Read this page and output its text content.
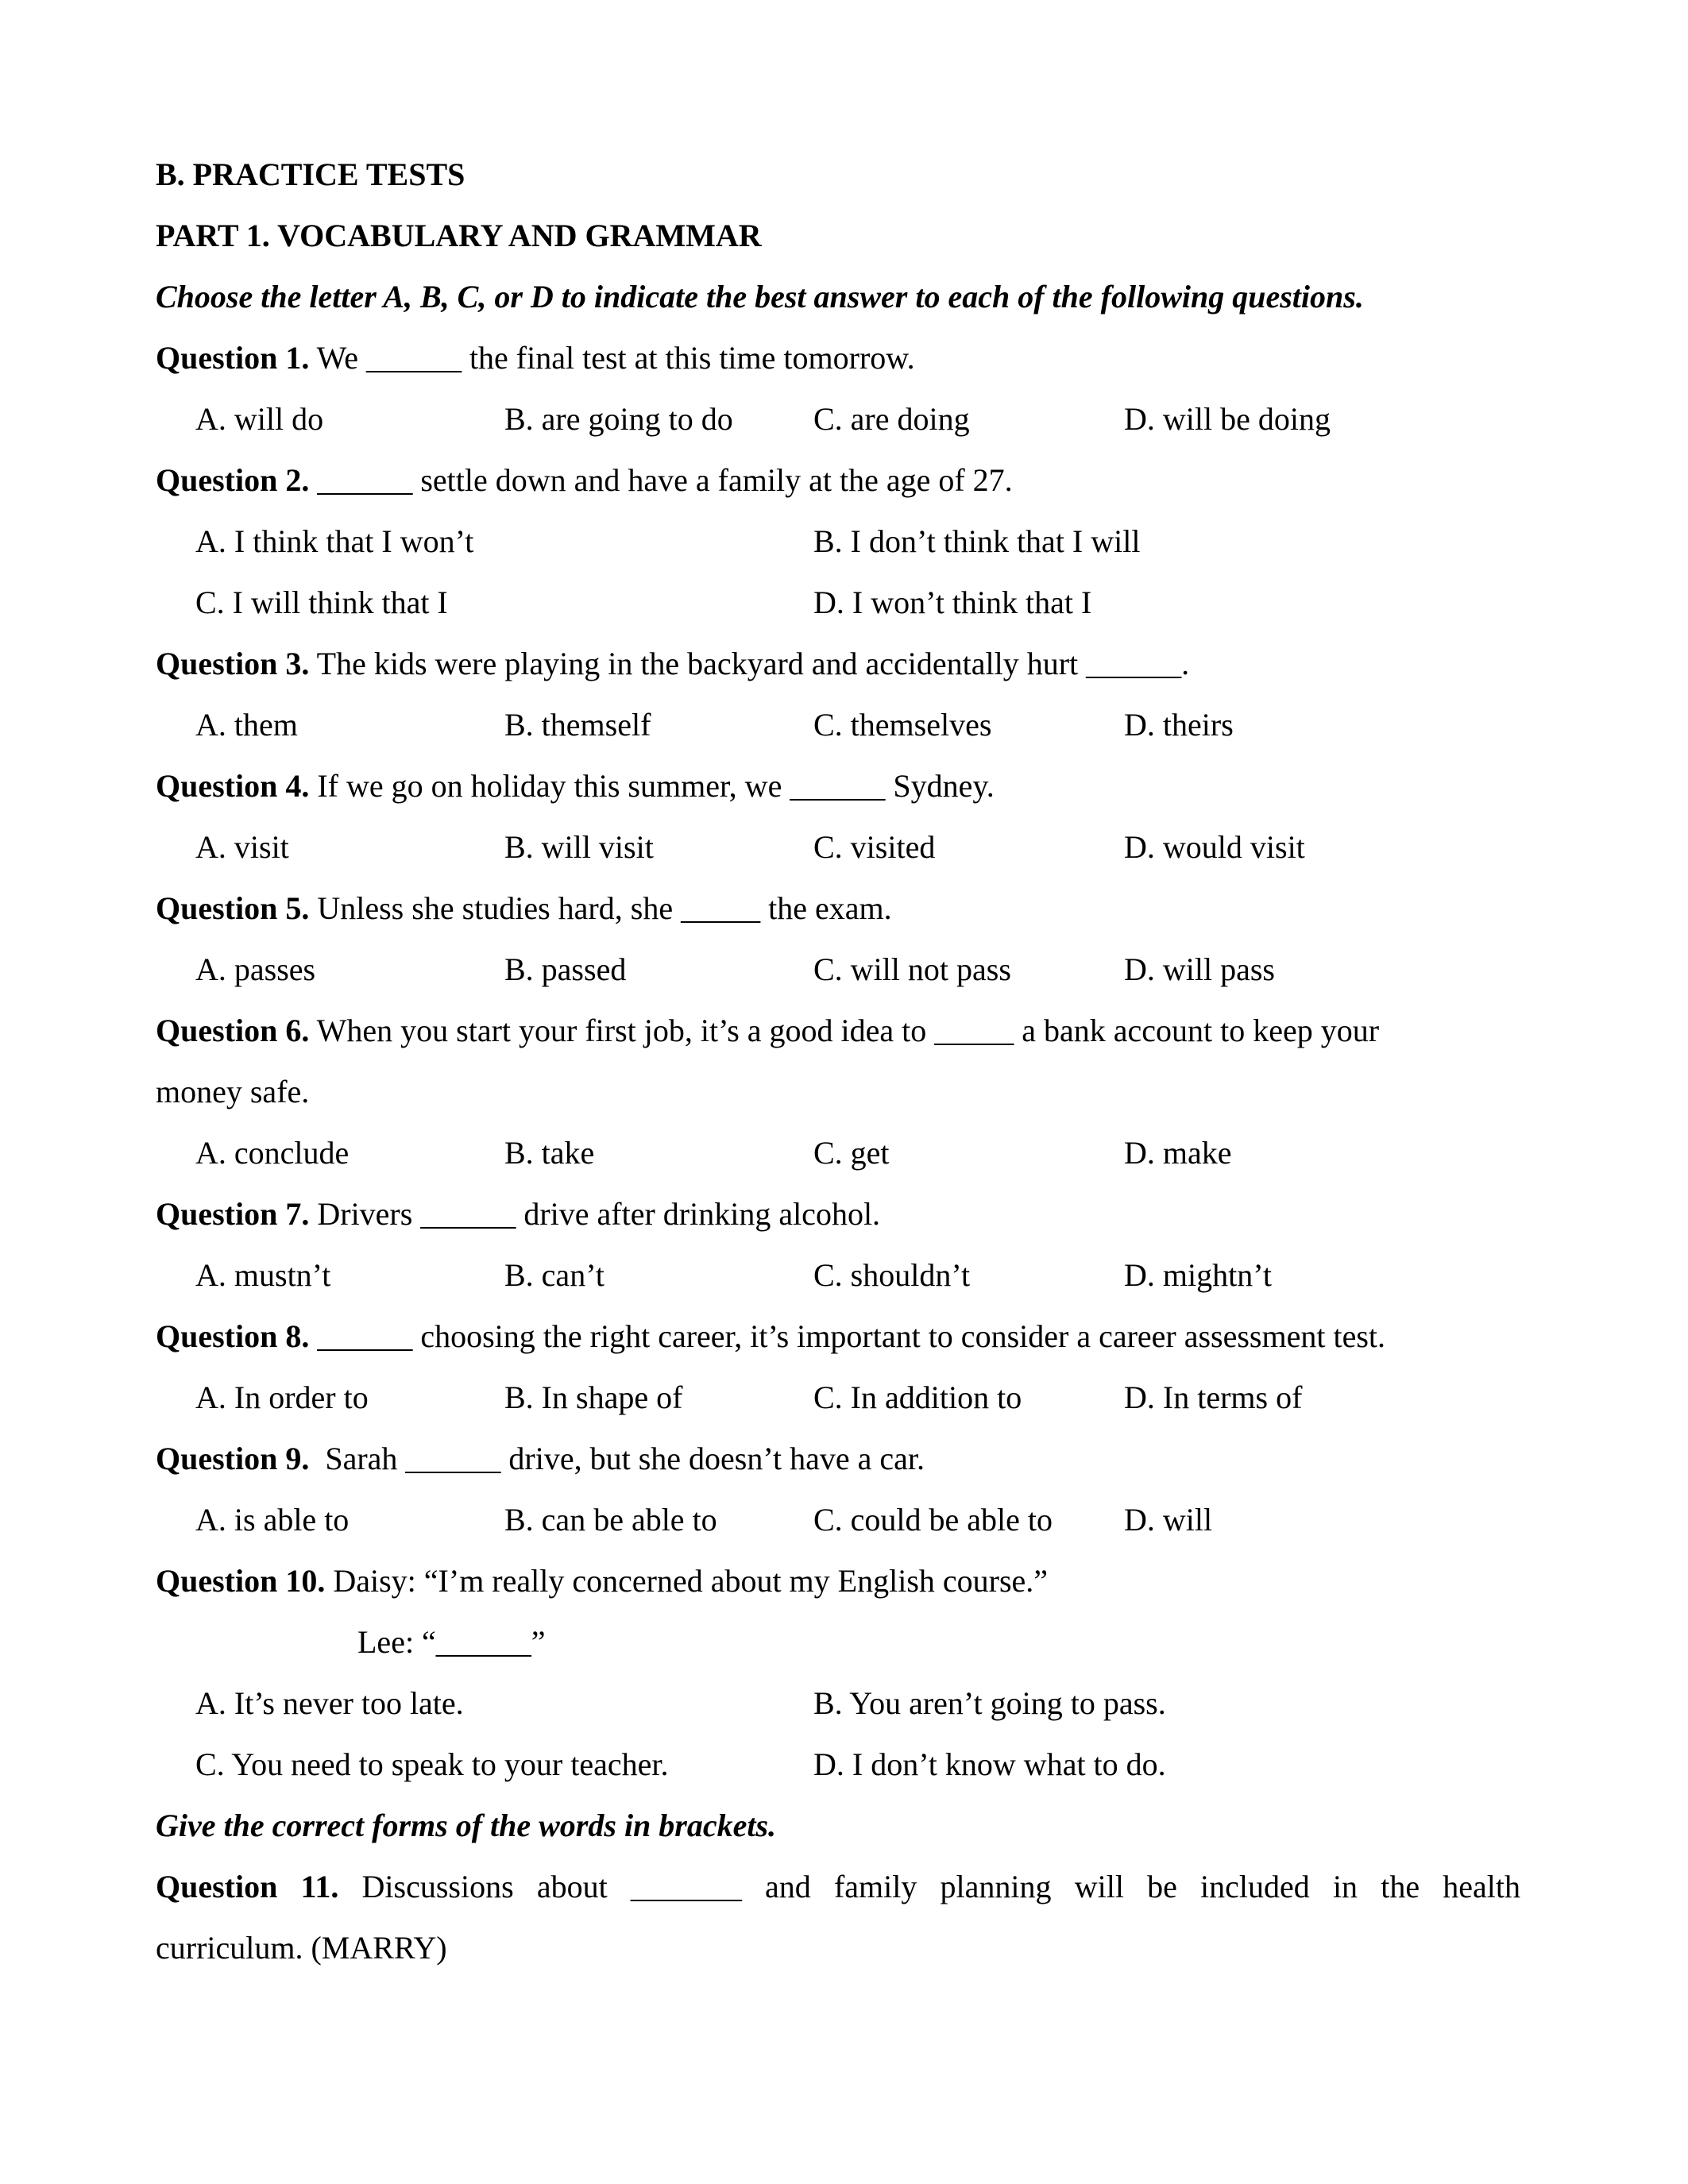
B. PRACTICE TESTS
PART 1. VOCABULARY AND GRAMMAR
Choose the letter A, B, C, or D to indicate the best answer to each of the following questions.
Question 1. We ______ the final test at this time tomorrow.
A. will do	B. are going to do	C. are doing	D. will be doing
Question 2. ______ settle down and have a family at the age of 27.
A. I think that I won’t	B. I don’t think that I will
C. I will think that I	D. I won’t think that I
Question 3. The kids were playing in the backyard and accidentally hurt ______.
A. them	B. themself	C. themselves	D. theirs
Question 4. If we go on holiday this summer, we ______ Sydney.
A. visit	B. will visit	C. visited	D. would visit
Question 5. Unless she studies hard, she _____ the exam.
A. passes	B. passed	C. will not pass	D. will pass
Question 6. When you start your first job, it’s a good idea to _____ a bank account to keep your
money safe.
A. conclude	B. take	C. get	D. make
Question 7. Drivers ______ drive after drinking alcohol.
A. mustn’t	B. can’t	C. shouldn’t	D. mightn’t
Question 8. ______ choosing the right career, it’s important to consider a career assessment test.
A. In order to	B. In shape of	C. In addition to	D. In terms of
Question 9.  Sarah ______ drive, but she doesn’t have a car.
A. is able to	B. can be able to	C. could be able to D. will
Question 10. Daisy: “I’m really concerned about my English course.”
Lee: “______”
A. It’s never too late.	B. You aren’t going to pass.
C. You need to speak to your teacher.	D. I don’t know what to do.
Give the correct forms of the words in brackets.
Question 11. Discussions about _______ and family planning will be included in the health
curriculum. (MARRY)
